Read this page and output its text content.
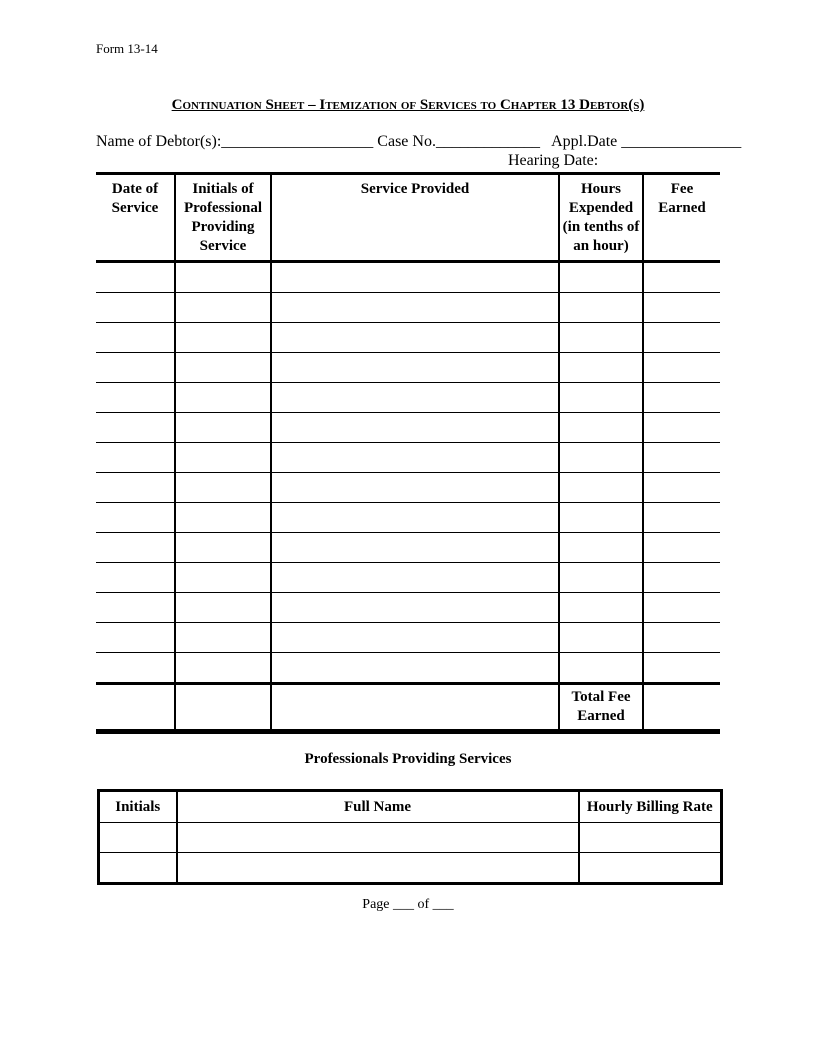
Form 13-14
Continuation Sheet – Itemization of Services to Chapter 13 Debtor(s)
Name of Debtor(s):___________________ Case No._____________   Appl.Date _______________
Hearing Date:
Date of Service	Initials of Professional Providing Service	Service Provided	Hours Expended (in tenths of an hour)	Fee Earned

			Total Fee Earned	
Professionals Providing Services
Initials	Full Name	Hourly Billing Rate

Page ___ of ___
